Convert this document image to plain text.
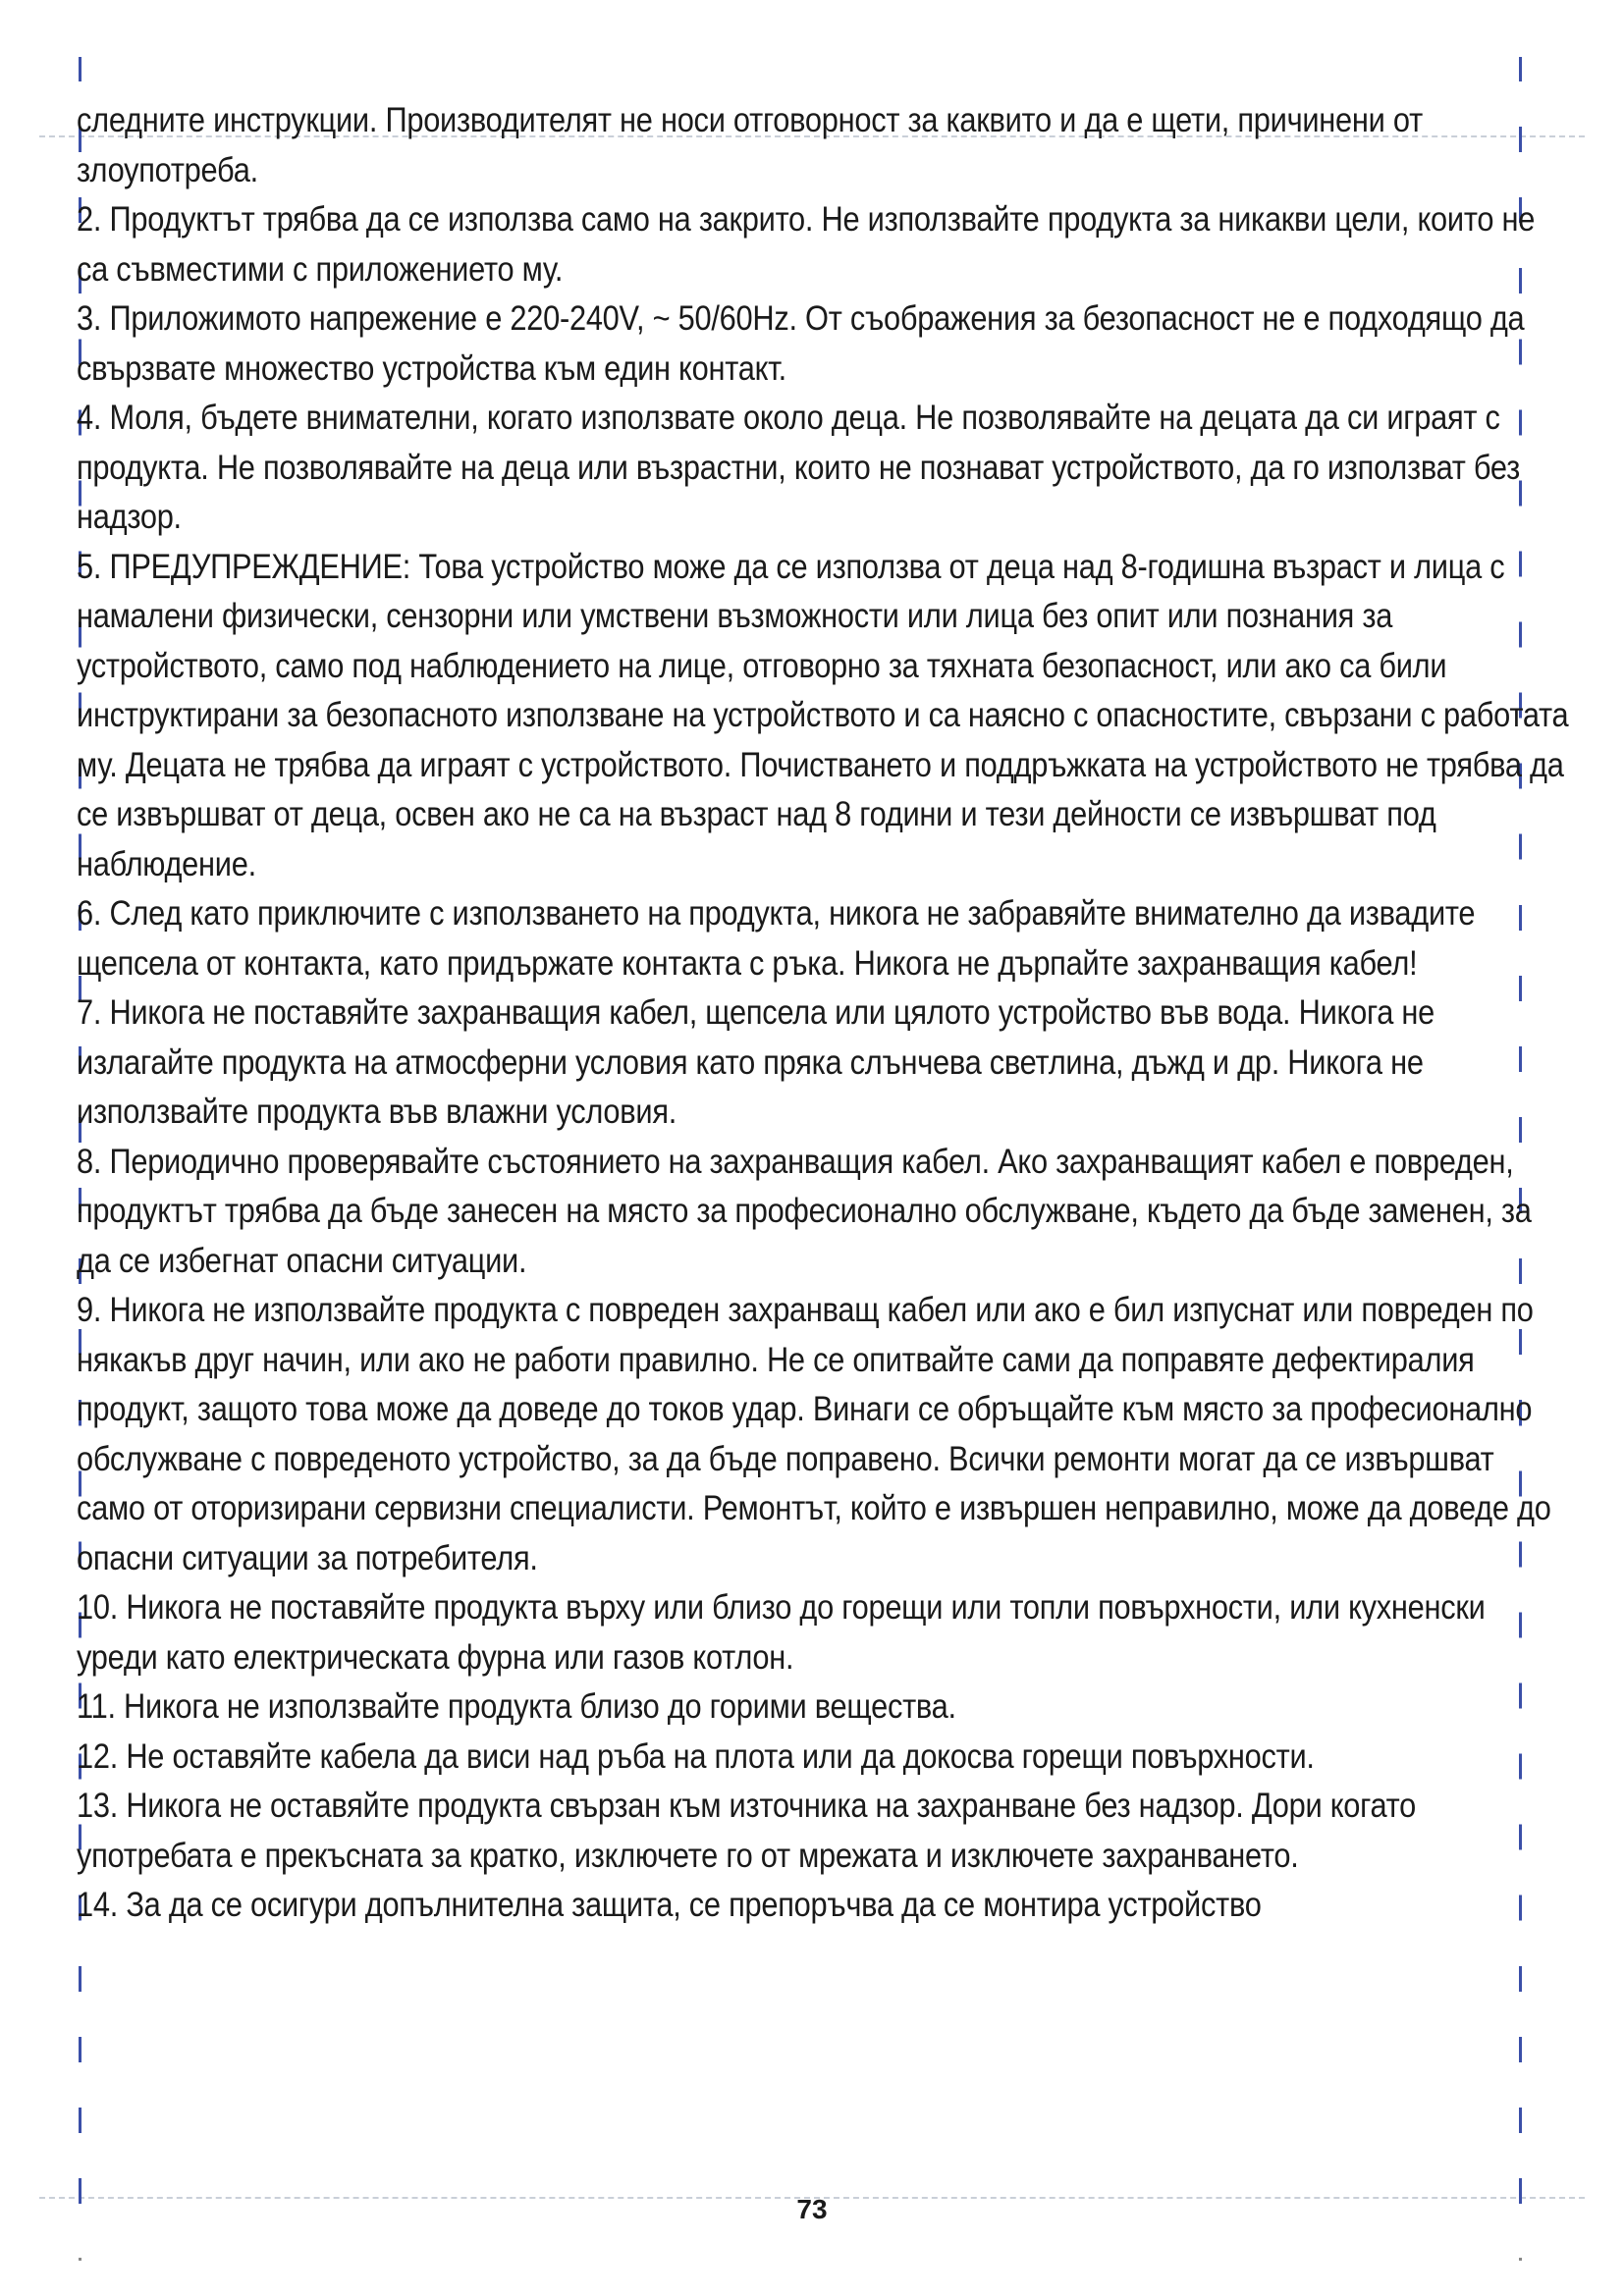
следните инструкции. Производителят не носи отговорност за каквито и да е щети, причинени от злоупотреба.

2. Продуктът трябва да се използва само на закрито. Не използвайте продукта за никакви цели, които не са съвместими с приложението му.

3. Приложимото напрежение е 220-240V, ~ 50/60Hz. От съображения за безопасност не е подходящо да свързвате множество устройства към един контакт.

4. Моля, бъдете внимателни, когато използвате около деца. Не позволявайте на децата да си играят с продукта. Не позволявайте на деца или възрастни, които не познават устройството, да го използват без надзор.

5. ПРЕДУПРЕЖДЕНИЕ: Това устройство може да се използва от деца над 8-годишна възраст и лица с намалени физически, сензорни или умствени възможности или лица без опит или познания за устройството, само под наблюдението на лице, отговорно за тяхната безопасност, или ако са били инструктирани за безопасното използване на устройството и са наясно с опасностите, свързани с работата му. Децата не трябва да играят с устройството. Почистването и поддръжката на устройството не трябва да се извършват от деца, освен ако не са на възраст над 8 години и тези дейности се извършват под наблюдение.

6. След като приключите с използването на продукта, никога не забравяйте внимателно да извадите щепсела от контакта, като придържате контакта с ръка. Никога не дърпайте захранващия кабел!

7. Никога не поставяйте захранващия кабел, щепсела или цялото устройство във вода. Никога не излагайте продукта на атмосферни условия като пряка слънчева светлина, дъжд и др. Никога не използвайте продукта във влажни условия.

8. Периодично проверявайте състоянието на захранващия кабел. Ако захранващият кабел е повреден, продуктът трябва да бъде занесен на място за професионално обслужване, където да бъде заменен, за да се избегнат опасни ситуации.

9. Никога не използвайте продукта с повреден захранващ кабел или ако е бил изпуснат или повреден по някакъв друг начин, или ако не работи правилно. Не се опитвайте сами да поправяте дефектиралия продукт, защото това може да доведе до токов удар. Винаги се обръщайте към място за професионално обслужване с повреденото устройство, за да бъде поправено. Всички ремонти могат да се извършват само от оторизирани сервизни специалисти. Ремонтът, който е извършен неправилно, може да доведе до опасни ситуации за потребителя.

10. Никога не поставяйте продукта върху или близо до горещи или топли повърхности, или кухненски уреди като електрическата фурна или газов котлон.

11. Никога не използвайте продукта близо до горими вещества.

12. Не оставяйте кабела да виси над ръба на плота или да докосва горещи повърхности.

13. Никога не оставяйте продукта свързан към източника на захранване без надзор. Дори когато употребата е прекъсната за кратко, изключете го от мрежата и изключете захранването.

14. За да се осигури допълнителна защита, се препоръчва да се монтира устройство

73
